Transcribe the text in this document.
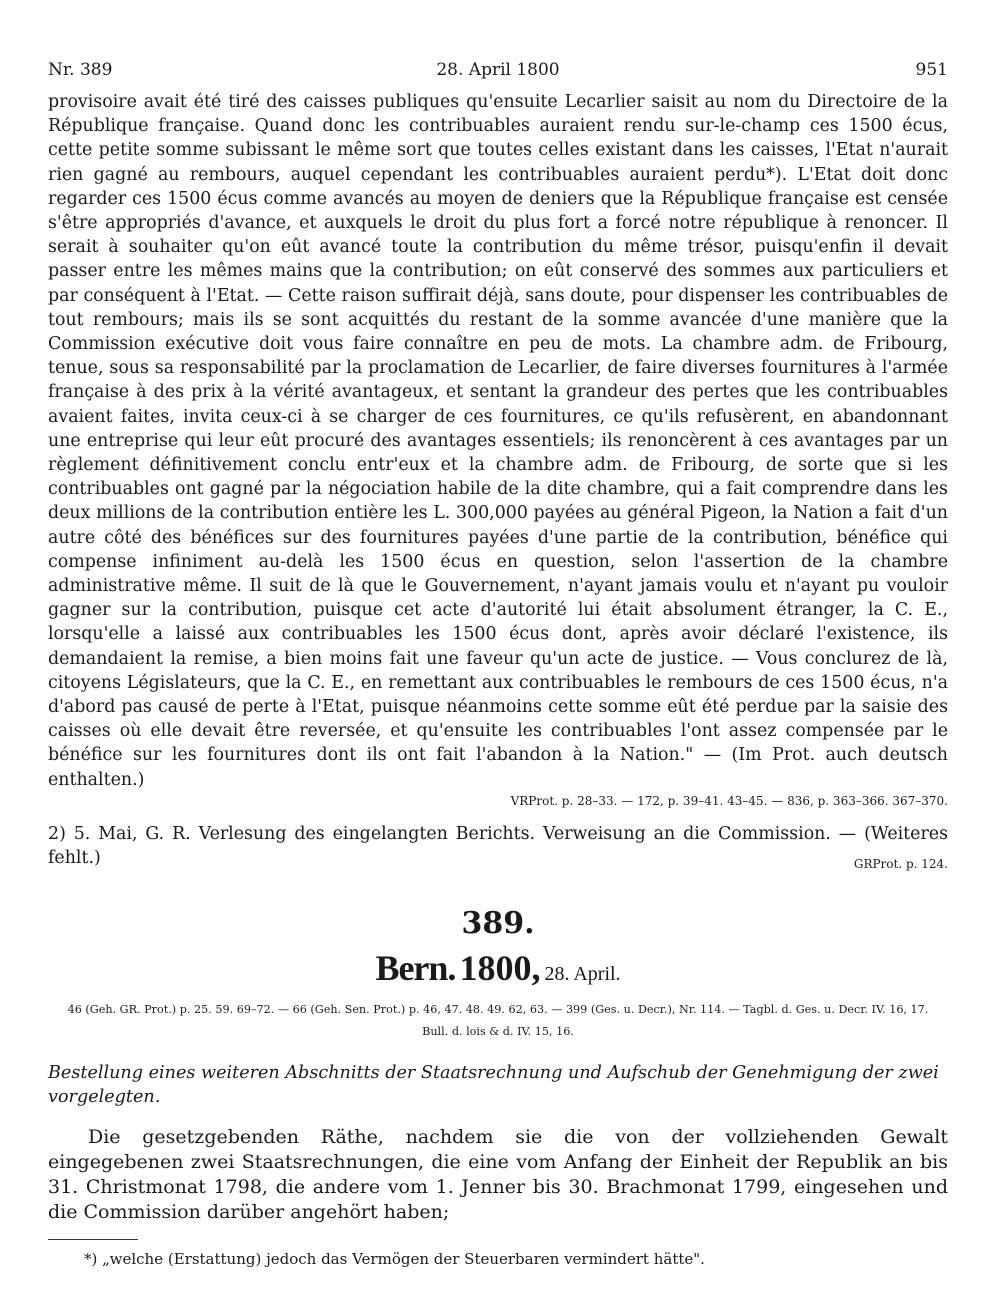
Nr. 389	28. April 1800	951

provisoire avait été tiré des caisses publiques qu'ensuite Lecarlier saisit au nom du Directoire de la République française. Quand donc les contribuables auraient rendu sur-le-champ ces 1500 écus, cette petite somme subissant le même sort que toutes celles existant dans les caisses, l'Etat n'aurait rien gagné au rembours, auquel cependant les contribuables auraient perdu*). L'Etat doit donc regarder ces 1500 écus comme avancés au moyen de deniers que la République française est censée s'être appropriés d'avance, et auxquels le droit du plus fort a forcé notre république à renoncer. Il serait à souhaiter qu'on eût avancé toute la contribution du même trésor, puisqu'enfin il devait passer entre les mêmes mains que la contribution; on eût conservé des sommes aux particuliers et par conséquent à l'Etat. — Cette raison suffirait déjà, sans doute, pour dispenser les contribuables de tout rembours; mais ils se sont acquittés du restant de la somme avancée d'une manière que la Commission exécutive doit vous faire connaître en peu de mots. La chambre adm. de Fribourg, tenue, sous sa responsabilité par la proclamation de Lecarlier, de faire diverses fournitures à l'armée française à des prix à la vérité avantageux, et sentant la grandeur des pertes que les contribuables avaient faites, invita ceux-ci à se charger de ces fournitures, ce qu'ils refusèrent, en abandonnant une entreprise qui leur eût procuré des avantages essentiels; ils renoncèrent à ces avantages par un règlement définitivement conclu entr'eux et la chambre adm. de Fribourg, de sorte que si les contribuables ont gagné par la négociation habile de la dite chambre, qui a fait comprendre dans les deux millions de la contribution entière les L. 300,000 payées au général Pigeon, la Nation a fait d'un autre côté des bénéfices sur des fournitures payées d'une partie de la contribution, bénéfice qui compense infiniment au-delà les 1500 écus en question, selon l'assertion de la chambre administrative même. Il suit de là que le Gouvernement, n'ayant jamais voulu et n'ayant pu vouloir gagner sur la contribution, puisque cet acte d'autorité lui était absolument étranger, la C. E., lorsqu'elle a laissé aux contribuables les 1500 écus dont, après avoir déclaré l'existence, ils demandaient la remise, a bien moins fait une faveur qu'un acte de justice. — Vous conclurez de là, citoyens Législateurs, que la C. E., en remettant aux contribuables le rembours de ces 1500 écus, n'a d'abord pas causé de perte à l'Etat, puisque néanmoins cette somme eût été perdue par la saisie des caisses où elle devait être reversée, et qu'ensuite les contribuables l'ont assez compensée par le bénéfice sur les fournitures dont ils ont fait l'abandon à la Nation." — (Im Prot. auch deutsch enthalten.)

VRProt. p. 28–33. — 172, p. 39–41. 43–45. — 836, p. 363–366. 367–370.

2) 5. Mai, G. R. Verlesung des eingelangten Berichts. Verweisung an die Commission. — (Weiteres fehlt.)	GRProt. p. 124.

389.
Bern. 1800, 28. April.
46 (Geh. GR. Prot.) p. 25. 59. 69–72. — 66 (Geh. Sen. Prot.) p. 46, 47. 48. 49. 62, 63. — 399 (Ges. u. Decr.), Nr. 114. — Tagbl. d. Ges. u. Decr. IV. 16, 17.
Bull. d. lois & d. IV. 15, 16.

Bestellung eines weiteren Abschnitts der Staatsrechnung und Aufschub der Genehmigung der zwei vorgelegten.

Die gesetzgebenden Räthe, nachdem sie die von der vollziehenden Gewalt eingegebenen zwei Staatsrechnungen, die eine vom Anfang der Einheit der Republik an bis 31. Christmonat 1798, die andere vom 1. Jenner bis 30. Brachmonat 1799, eingesehen und die Commission darüber angehört haben;

*) „welche (Erstattung) jedoch das Vermögen der Steuerbaren vermindert hätte".
